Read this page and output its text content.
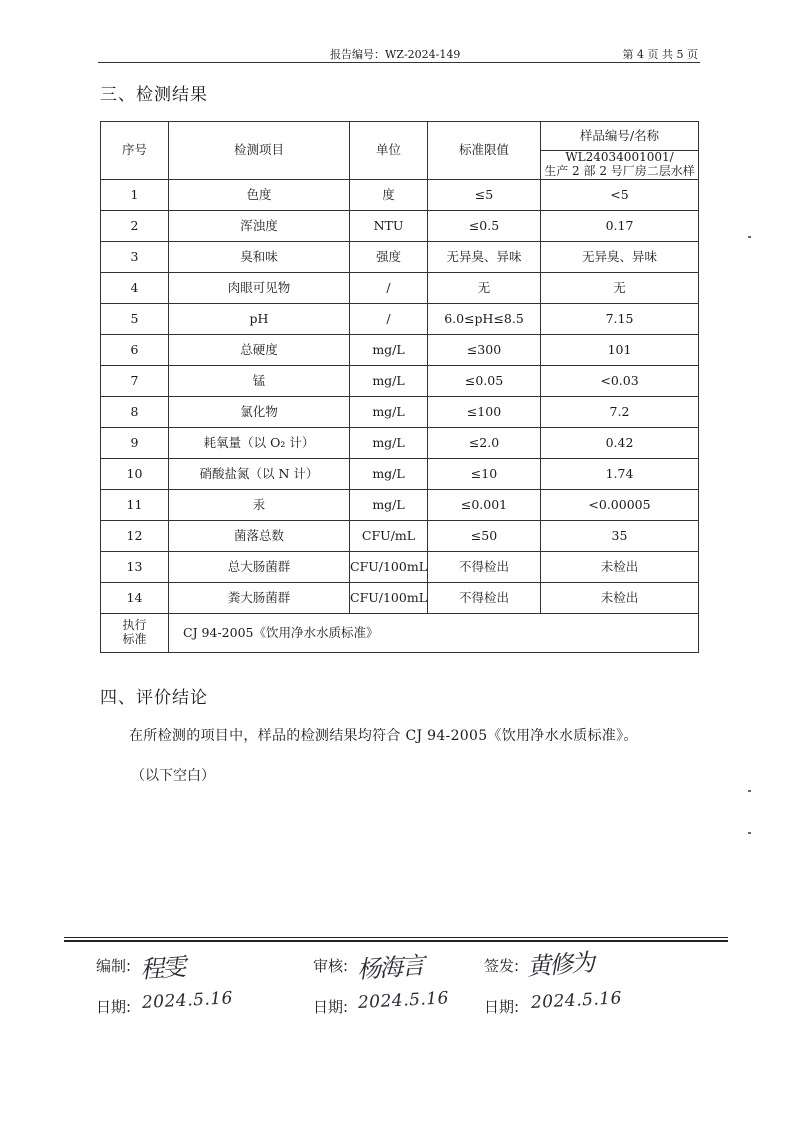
报告编号：WZ-2024-149	第 4 页 共 5 页
三、检测结果
序号	检测项目	单位	标准限值	样品编号/名称

				WL24034001001/
生产 2 部 2 号厂房二层水样

1	色度	度	≤5	<5
2	浑浊度	NTU	≤0.5	0.17
3	臭和味	强度	无异臭、异味	无异臭、异味
4	肉眼可见物	/	无	无
5	pH	/	6.0≤pH≤8.5	7.15
6	总硬度	mg/L	≤300	101
7	锰	mg/L	≤0.05	<0.03
8	氯化物	mg/L	≤100	7.2
9	耗氧量（以 O₂ 计）	mg/L	≤2.0	0.42
10	硝酸盐氮（以 N 计）	mg/L	≤10	1.74
11	汞	mg/L	≤0.001	<0.00005
12	菌落总数	CFU/mL	≤50	35
13	总大肠菌群	CFU/100mL	不得检出	未检出
14	粪大肠菌群	CFU/100mL	不得检出	未检出

执行
标准	CJ 94-2005《饮用净水水质标准》			
四、评价结论
在所检测的项目中，样品的检测结果均符合 CJ 94-2005《饮用净水水质标准》。
（以下空白）
编制: 程雯	审核: 杨海言	签发: 黄修为
日期: 2024.5.16	日期: 2024.5.16 日期: 2024.5.16
